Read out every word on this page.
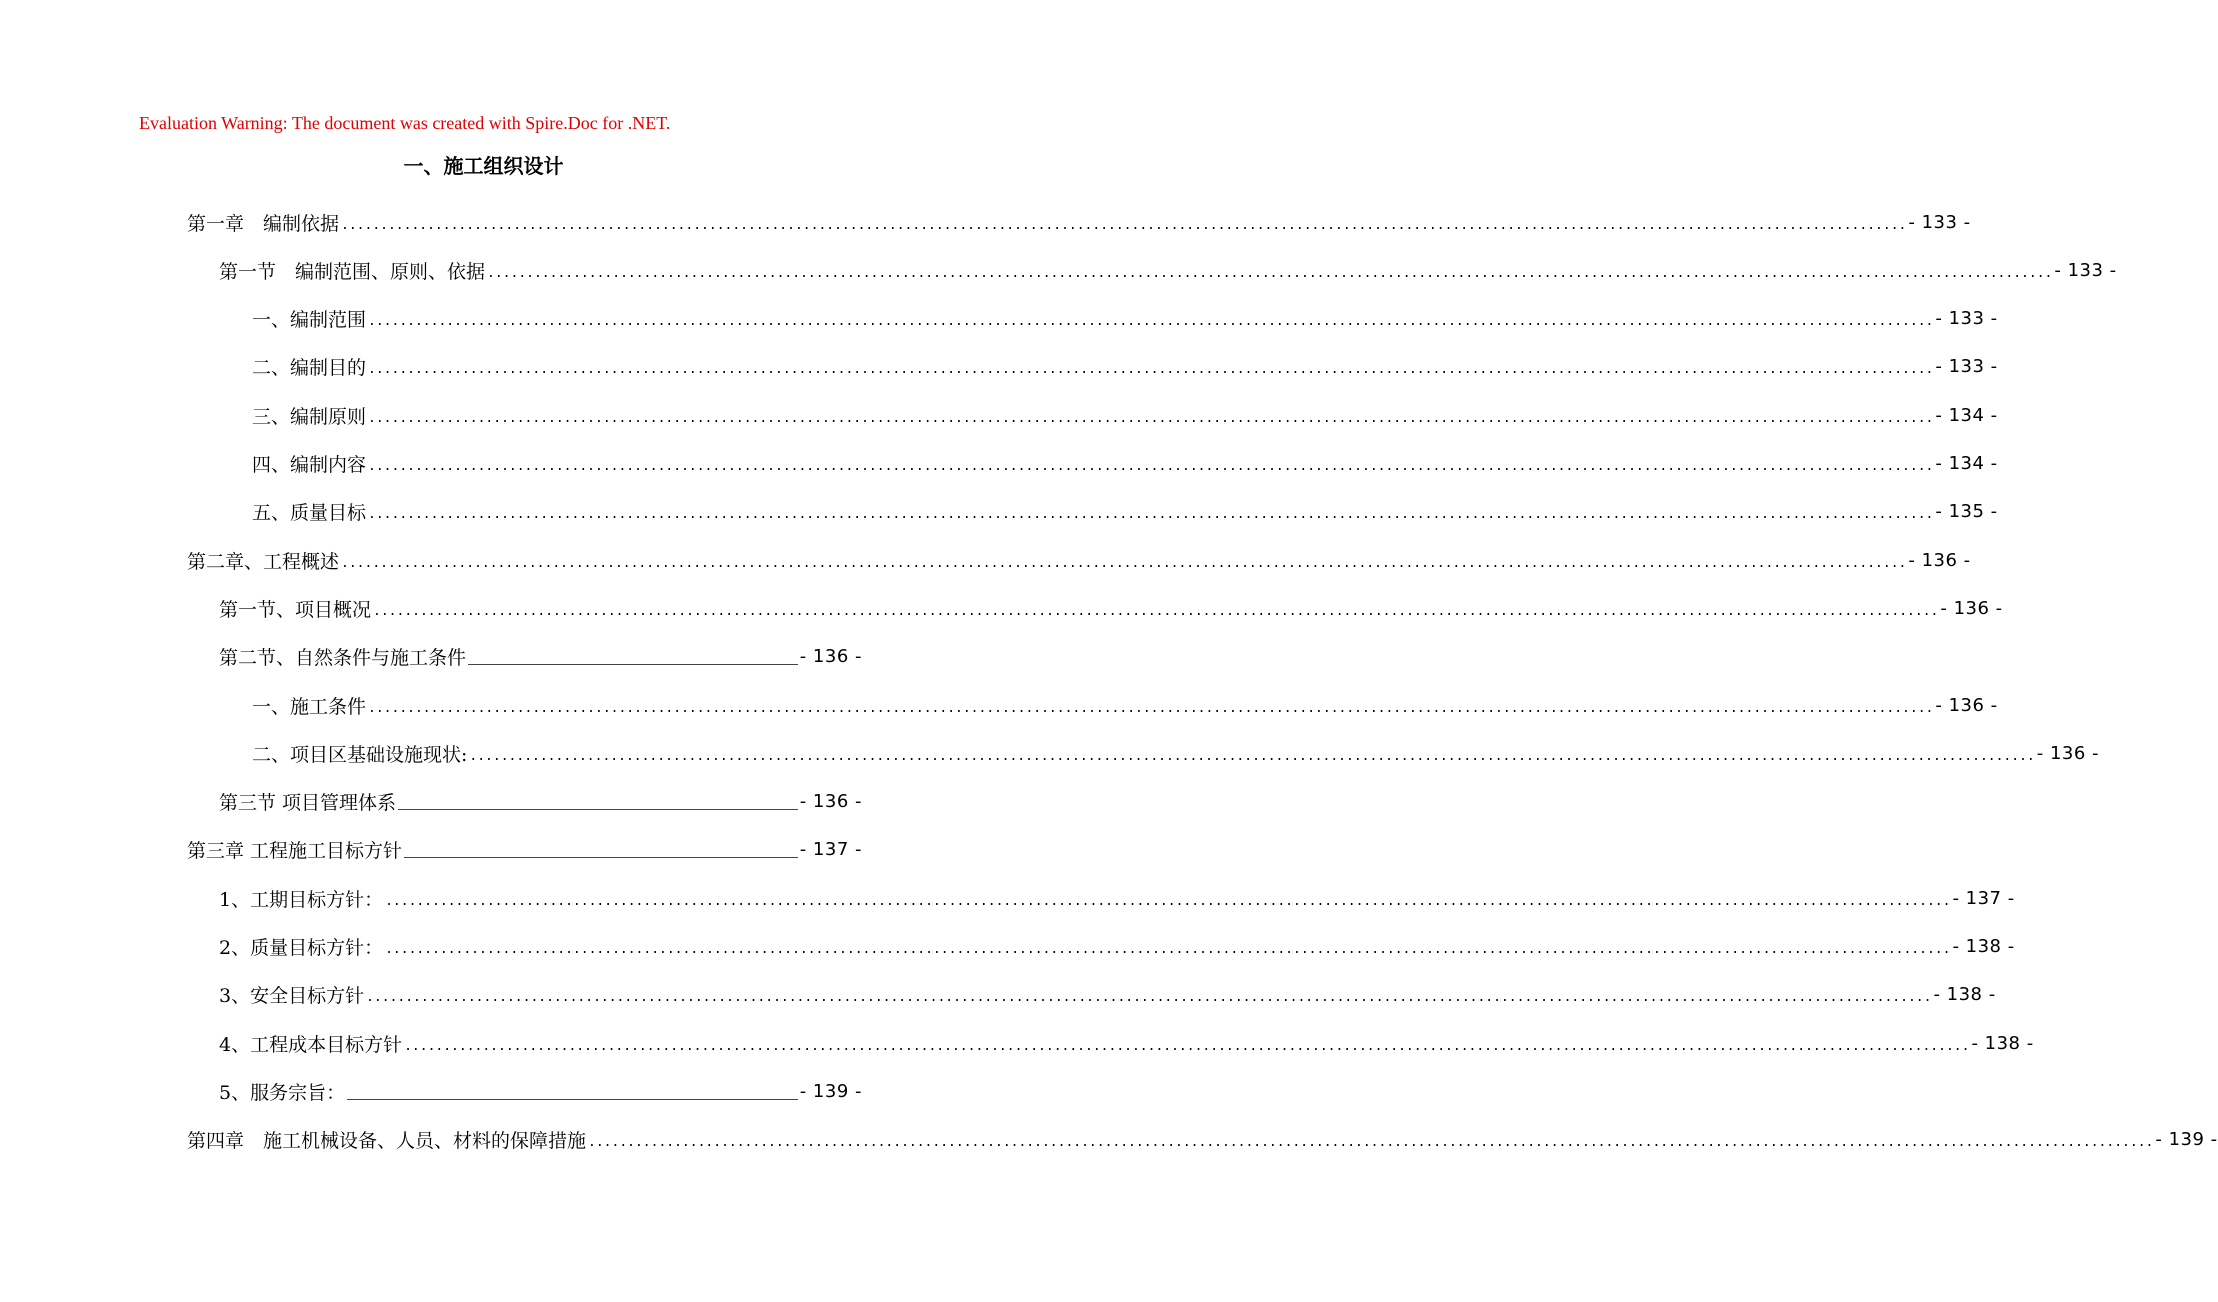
Evaluation Warning: The document was created with Spire.Doc for .NET.
一、施工组织设计
第一章　编制依据 ........................................................................................................................................................................................................ - 133 -
第一节　编制范围、原则、依据 ........................................................................................................................................................................................................ - 133 -
一、编制范围 ........................................................................................................................................................................................................ - 133 -
二、编制目的 ........................................................................................................................................................................................................ - 133 -
三、编制原则 ........................................................................................................................................................................................................ - 134 -
四、编制内容 ........................................................................................................................................................................................................ - 134 -
五、质量目标 ........................................................................................................................................................................................................ - 135 -
第二章、工程概述 ........................................................................................................................................................................................................ - 136 -
第一节、项目概况 ........................................................................................................................................................................................................ - 136 -
第二节、自然条件与施工条件	- 136 -
一、施工条件 ........................................................................................................................................................................................................ - 136 -
二、项目区基础设施现状: ........................................................................................................................................................................................................ - 136 -
第三节 项目管理体系	- 136 -
第三章 工程施工目标方针	- 137 -
1、工期目标方针： ........................................................................................................................................................................................................ - 137 -
2、质量目标方针： ........................................................................................................................................................................................................ - 138 -
3、安全目标方针 ........................................................................................................................................................................................................ - 138 -
4、工程成本目标方针 ........................................................................................................................................................................................................ - 138 -
5、服务宗旨：	- 139 -
第四章　施工机械设备、人员、材料的保障措施 ........................................................................................................................................................................................................ - 139 -
